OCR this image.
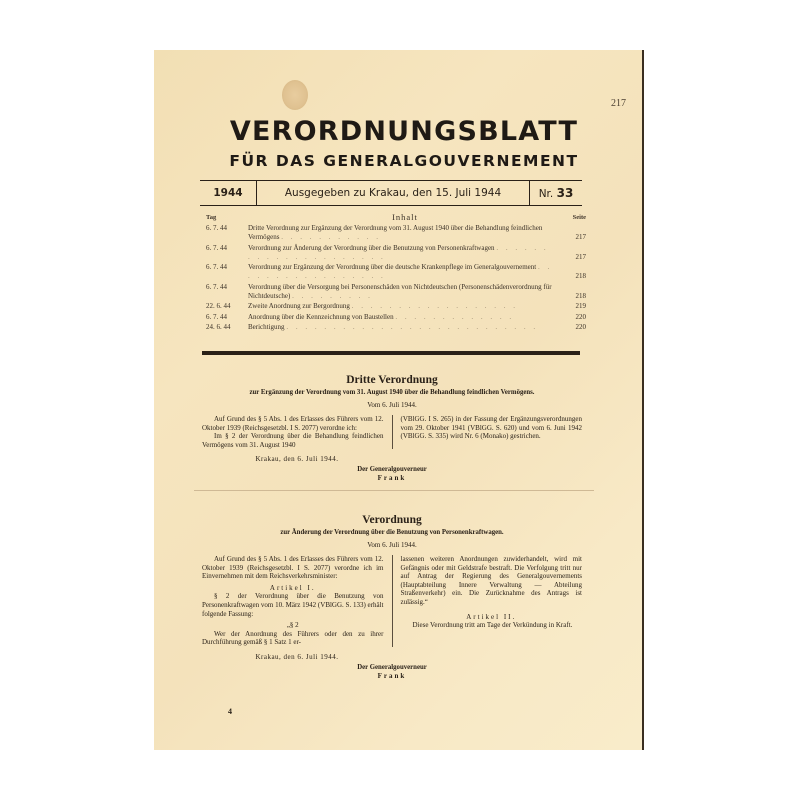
217
VERORDNUNGSBLATT
FÜR DAS GENERALGOUVERNEMENT
1944	Ausgegeben zu Krakau, den 15. Juli 1944	Nr. 33
Tag	Inhalt	Seite
6. 7. 44	Dritte Verordnung zur Ergänzung der Verordnung vom 31. August 1940 über die Behandlung feindlichen Vermögens . . . . . . . . . . .	217
6. 7. 44	Verordnung zur Änderung der Verordnung über die Benutzung von Personenkraftwagen . . . . . . . . . . . . . . . . . . . . .	217
6. 7. 44	Verordnung zur Ergänzung der Verordnung über die deutsche Krankenpflege im Generalgouvernement . . . . . . . . . . . . . . . . .	218
6. 7. 44	Verordnung über die Versorgung bei Personenschäden von Nichtdeutschen (Personenschädenverordnung für Nichtdeutsche) . . . . . . . . .	218
22. 6. 44	Zweite Anordnung zur Bergordnung . . . . . . . . . . . . . . . . . .	219
6. 7. 44	Anordnung über die Kennzeichnung von Baustellen . . . . . . . . . . . . .	220
24. 6. 44	Berichtigung . . . . . . . . . . . . . . . . . . . . . . . . . . .	220
Dritte Verordnung
zur Ergänzung der Verordnung vom 31. August 1940 über die Behandlung feindlichen Vermögens.
Vom 6. Juli 1944.
Auf Grund des § 5 Abs. 1 des Erlasses des Führers vom 12. Oktober 1939 (Reichsgesetzbl. I S. 2077) verordne ich:
Im § 2 der Verordnung über die Behandlung feindlichen Vermögens vom 31. August 1940
(VBlGG. I S. 265) in der Fassung der Ergänzungsverordnungen vom 29. Oktober 1941 (VBlGG. S. 620) und vom 6. Juni 1942 (VBlGG. S. 335) wird Nr. 6 (Monako) gestrichen.
Krakau, den 6. Juli 1944.
Der Generalgouverneur
Frank
Verordnung
zur Änderung der Verordnung über die Benutzung von Personenkraftwagen.
Vom 6. Juli 1944.
Auf Grund des § 5 Abs. 1 des Erlasses des Führers vom 12. Oktober 1939 (Reichsgesetzbl. I S. 2077) verordne ich im Einvernehmen mit dem Reichsverkehrsminister:
Artikel I.
§ 2 der Verordnung über die Benutzung von Personenkraftwagen vom 10. März 1942 (VBlGG. S. 133) erhält folgende Fassung:
„§ 2
Wer der Anordnung des Führers oder den zu ihrer Durchführung gemäß § 1 Satz 1 er-
lassenen weiteren Anordnungen zuwiderhandelt, wird mit Gefängnis oder mit Geldstrafe bestraft. Die Verfolgung tritt nur auf Antrag der Regierung des Generalgouvernements (Hauptabteilung Innere Verwaltung — Abteilung Straßenverkehr) ein. Die Zurücknahme des Antrags ist zulässig.“
Artikel II.
Diese Verordnung tritt am Tage der Verkündung in Kraft.
Krakau, den 6. Juli 1944.
Der Generalgouverneur
Frank
4
